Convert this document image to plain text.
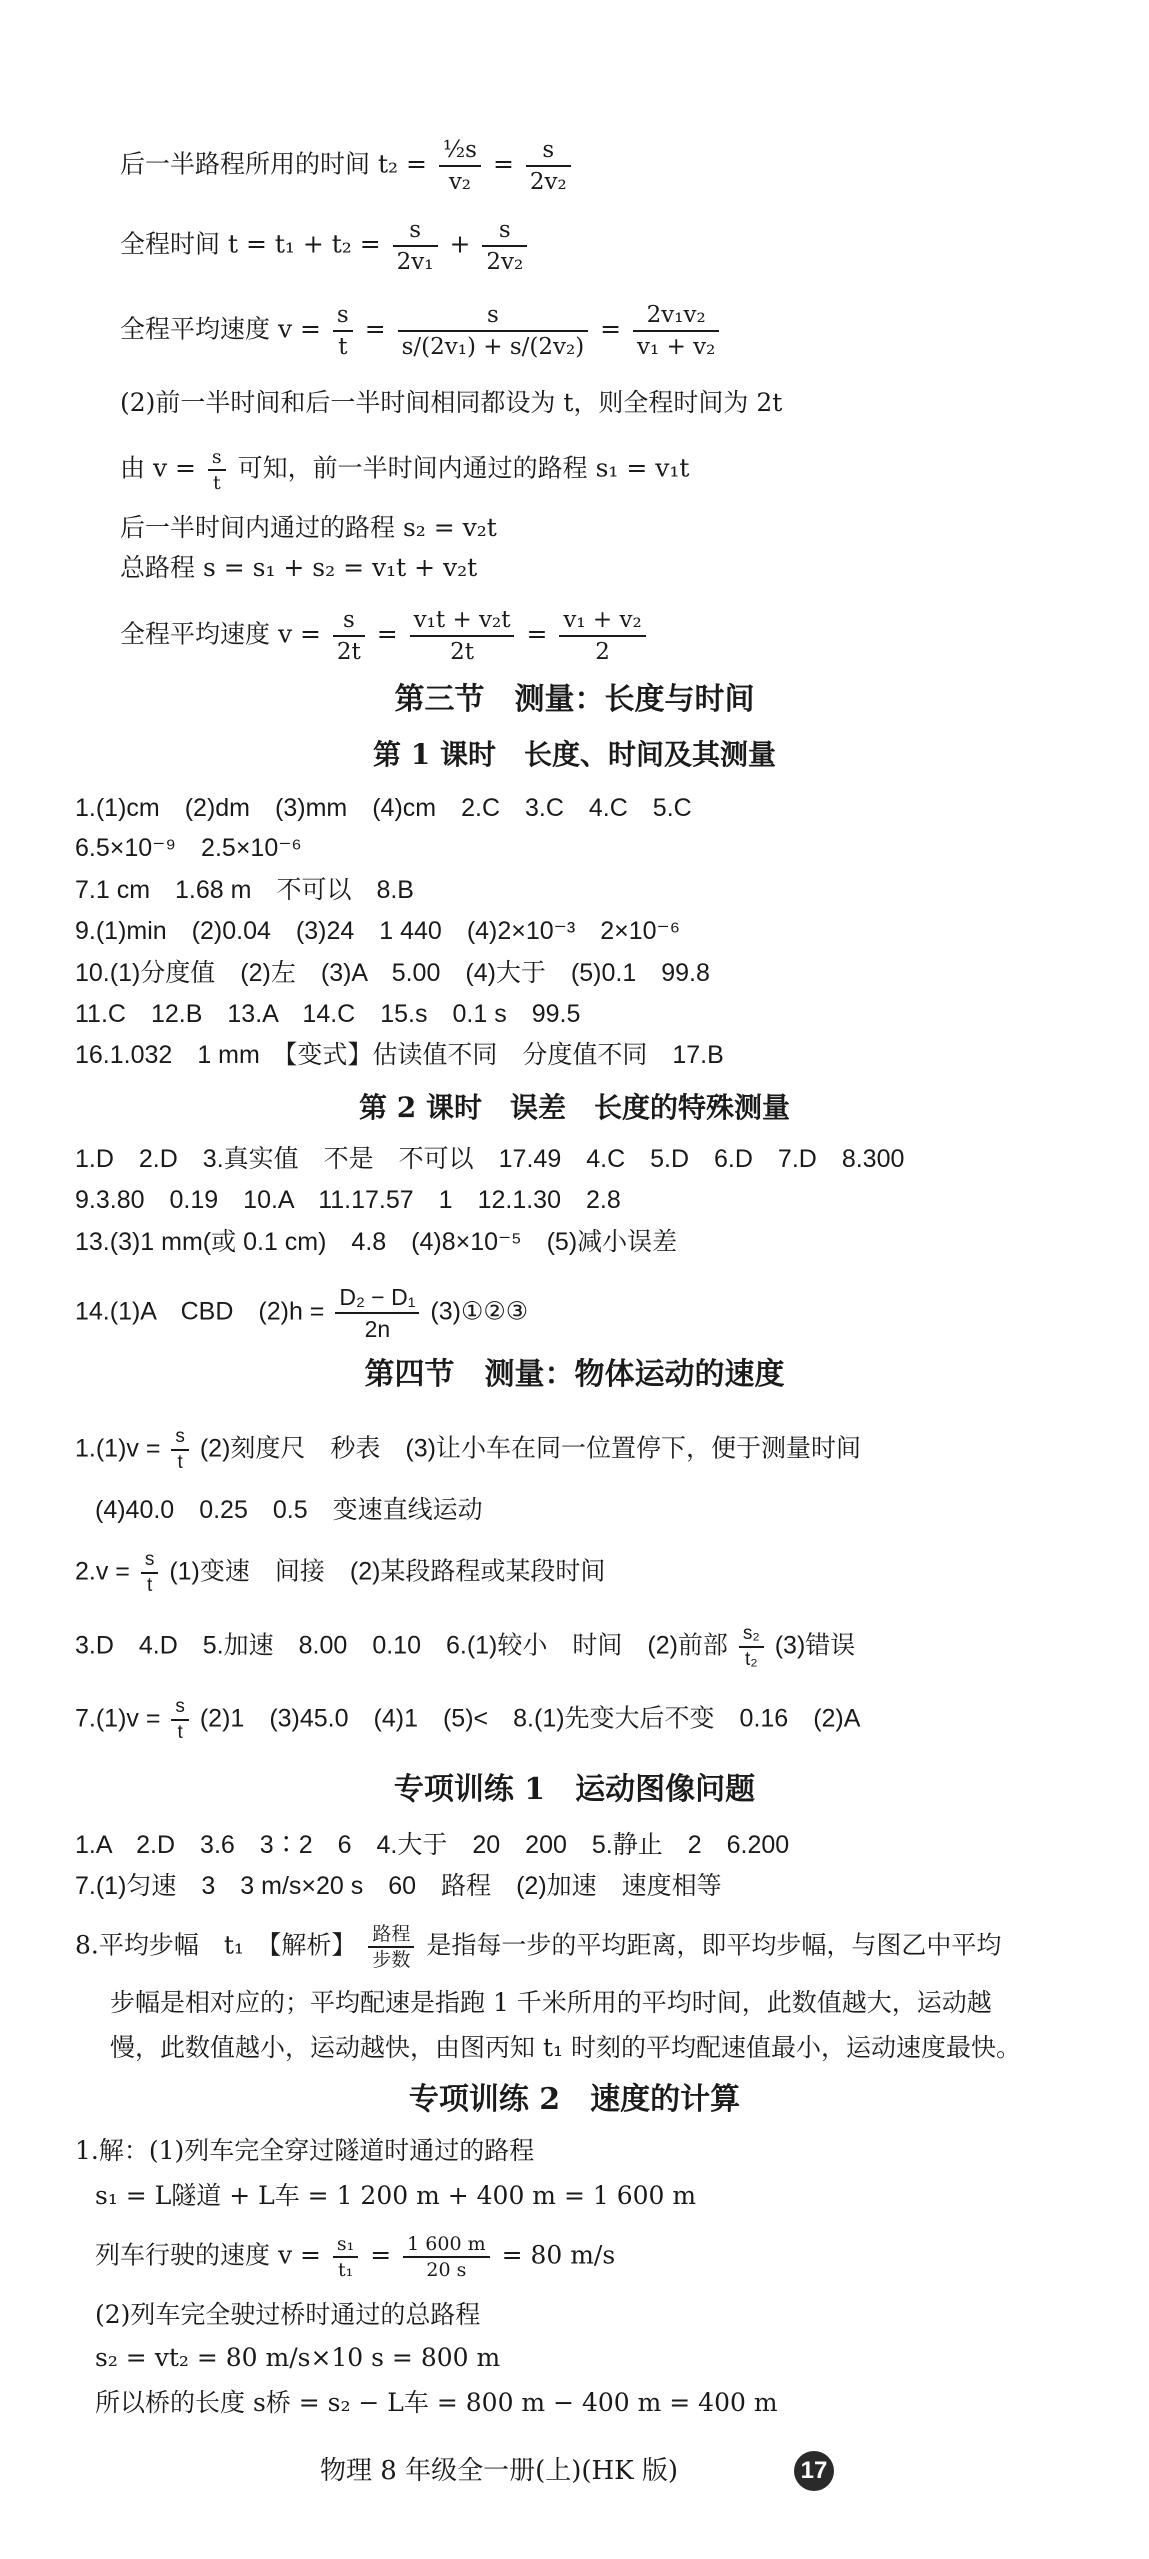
后一半路程所用的时间 $t_2 = \frac{\text{½s}}{\text{v₂}} = \frac{s}{\text{2v₂}}$
全程时间 $t = t_1 + t_2 = \frac{s}{\text{2v₁}} + \frac{s}{\text{2v₂}}$
全程平均速度 $v = \frac{s}{t} = \frac{s}{\text{s/(2v₁) + s/(2v₂)}} = \frac{\text{2v₁v₂}}{\text{v₁ + v₂}}$
(2)前一半时间和后一半时间相同都设为 t，则全程时间为 2t
由 $v = \frac{s}{t}$ 可知，前一半时间内通过的路程 s₁ = v₁t
后一半时间内通过的路程 s₂ = v₂t
总路程 s = s₁ + s₂ = v₁t + v₂t
全程平均速度 $v = \frac{s}{2t} = \frac{\text{v₁t + v₂t}}{2t} = \frac{\text{v₁ + v₂}}{2}$
第三节　测量：长度与时间
第 1 课时　长度、时间及其测量
1.(1)cm　(2)dm　(3)mm　(4)cm　2.C　3.C　4.C　5.C
6.5×10⁻⁹　2.5×10⁻⁶
7.1 cm　1.68 m　不可以　8.B
9.(1)min　(2)0.04　(3)24　1 440　(4)2×10⁻³　2×10⁻⁶
10.(1)分度值　(2)左　(3)A　5.00　(4)大于　(5)0.1　99.8
11.C　12.B　13.A　14.C　15.s　0.1 s　99.5
16.1.032　1 mm　【变式】估读值不同　分度值不同　17.B
第 2 课时　误差　长度的特殊测量
1.D　2.D　3.真实值　不是　不可以　17.49　4.C　5.D　6.D　7.D　8.300
9.3.80　0.19　10.A　11.17.57　1　12.1.30　2.8
13.(3)1 mm(或 0.1 cm)　4.8　(4)8×10⁻⁵　(5)减小误差
14.(1)A　CBD　$(2)h = \frac{\text{D₂ − D₁}}{2n}$ (3)①②③
第四节　测量：物体运动的速度
$1.(1)v = \frac{s}{t} (2)$刻度尺　秒表　(3)让小车在同一位置停下，便于测量时间
(4)40.0　0.25　0.5　变速直线运动
$2.v = \frac{s}{t} (1)$变速　间接　(2)某段路程或某段时间
3.D　4.D　5.加速　8.00　0.10　6.(1)较小　时间　(2)前部 $\frac{\text{s₂}}{\text{t₂}} (3)$错误
$7.(1)v = \frac{s}{t} (2)1$　(3)45.0　(4)1　(5)<　8.(1)先变大后不变　0.16　(2)A
专项训练 1　运动图像问题
1.A　2.D　3.6　3∶2　6　4.大于　20　200　5.静止　2　6.200
7.(1)匀速　3　3 m/s×20 s　60　路程　(2)加速　速度相等
8.平均步幅　t₁　【解析】 $\frac{\text{路程}}{\text{步数}}$ 是指每一步的平均距离，即平均步幅，与图乙中平均
步幅是相对应的；平均配速是指跑 1 千米所用的平均时间，此数值越大，运动越
慢，此数值越小，运动越快，由图丙知 t₁ 时刻的平均配速值最小，运动速度最快。
专项训练 2　速度的计算
1.解：(1)列车完全穿过隧道时通过的路程
s₁ = L隧道 + L车 = 1 200 m + 400 m = 1 600 m
列车行驶的速度 $v = \frac{\text{s₁}}{\text{t₁}} = \frac{1 600 m}{20 s} = 80$ m/s
(2)列车完全驶过桥时通过的总路程
s₂ = vt₂ = 80 m/s×10 s = 800 m
所以桥的长度 s桥 = s₂ − L车 = 800 m − 400 m = 400 m
物理 8 年级全一册(上)(HK 版)	17
